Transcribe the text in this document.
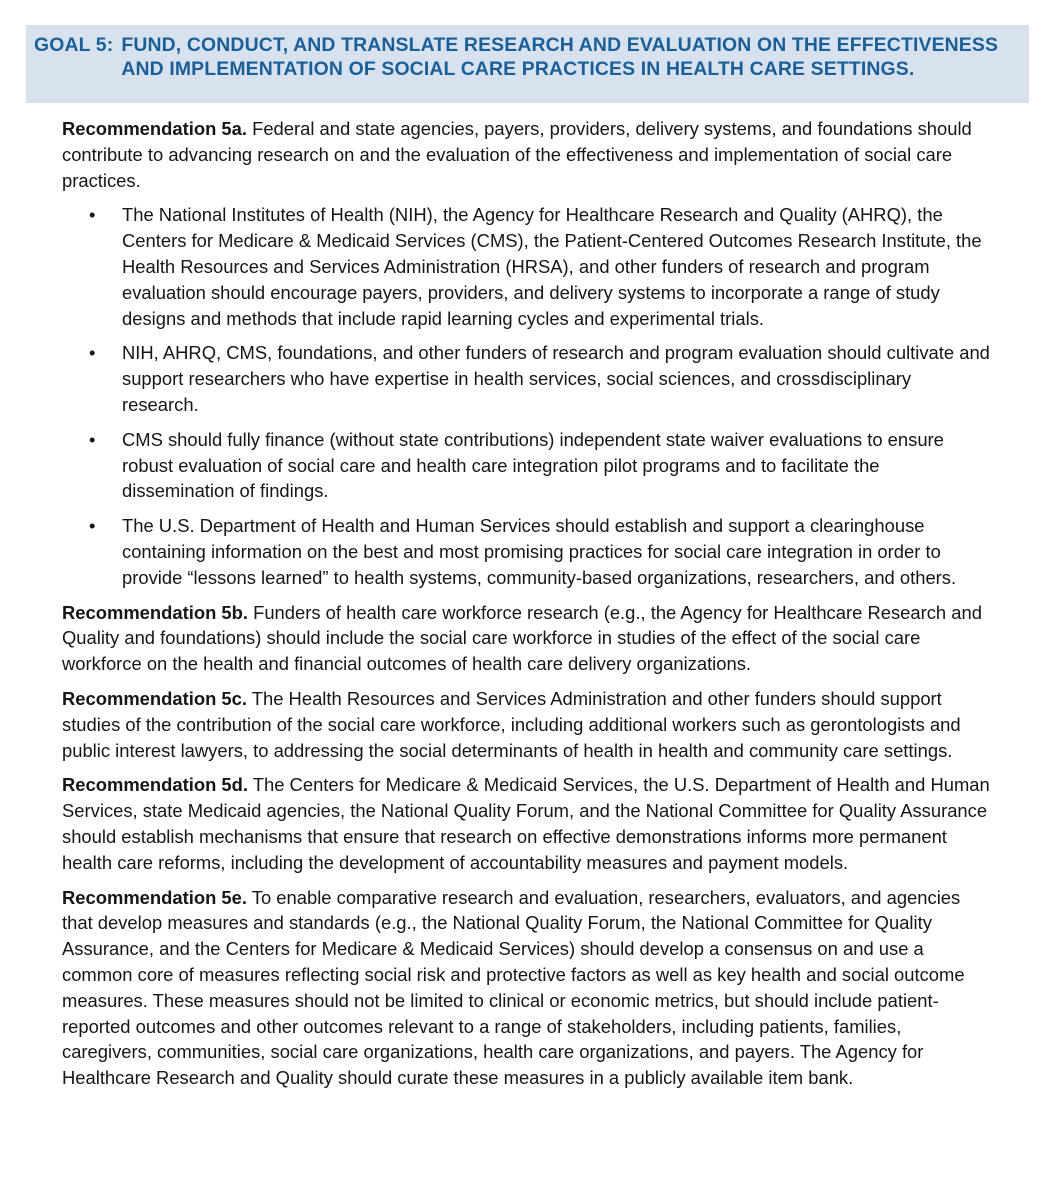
GOAL 5: FUND, CONDUCT, AND TRANSLATE RESEARCH AND EVALUATION ON THE EFFECTIVENESS AND IMPLEMENTATION OF SOCIAL CARE PRACTICES IN HEALTH CARE SETTINGS.

Recommendation 5a. Federal and state agencies, payers, providers, delivery systems, and foundations should contribute to advancing research on and the evaluation of the effectiveness and implementation of social care practices.

• The National Institutes of Health (NIH), the Agency for Healthcare Research and Quality (AHRQ), the Centers for Medicare & Medicaid Services (CMS), the Patient-Centered Outcomes Research Institute, the Health Resources and Services Administration (HRSA), and other funders of research and program evaluation should encourage payers, providers, and delivery systems to incorporate a range of study designs and methods that include rapid learning cycles and experimental trials.
• NIH, AHRQ, CMS, foundations, and other funders of research and program evaluation should cultivate and support researchers who have expertise in health services, social sciences, and crossdisciplinary research.
• CMS should fully finance (without state contributions) independent state waiver evaluations to ensure robust evaluation of social care and health care integration pilot programs and to facilitate the dissemination of findings.
• The U.S. Department of Health and Human Services should establish and support a clearinghouse containing information on the best and most promising practices for social care integration in order to provide “lessons learned” to health systems, community-based organizations, researchers, and others.

Recommendation 5b. Funders of health care workforce research (e.g., the Agency for Healthcare Research and Quality and foundations) should include the social care workforce in studies of the effect of the social care workforce on the health and financial outcomes of health care delivery organizations.

Recommendation 5c. The Health Resources and Services Administration and other funders should support studies of the contribution of the social care workforce, including additional workers such as gerontologists and public interest lawyers, to addressing the social determinants of health in health and community care settings.

Recommendation 5d. The Centers for Medicare & Medicaid Services, the U.S. Department of Health and Human Services, state Medicaid agencies, the National Quality Forum, and the National Committee for Quality Assurance should establish mechanisms that ensure that research on effective demonstrations informs more permanent health care reforms, including the development of accountability measures and payment models.

Recommendation 5e. To enable comparative research and evaluation, researchers, evaluators, and agencies that develop measures and standards (e.g., the National Quality Forum, the National Committee for Quality Assurance, and the Centers for Medicare & Medicaid Services) should develop a consensus on and use a common core of measures reflecting social risk and protective factors as well as key health and social outcome measures. These measures should not be limited to clinical or economic metrics, but should include patient-reported outcomes and other outcomes relevant to a range of stakeholders, including patients, families, caregivers, communities, social care organizations, health care organizations, and payers. The Agency for Healthcare Research and Quality should curate these measures in a publicly available item bank.
